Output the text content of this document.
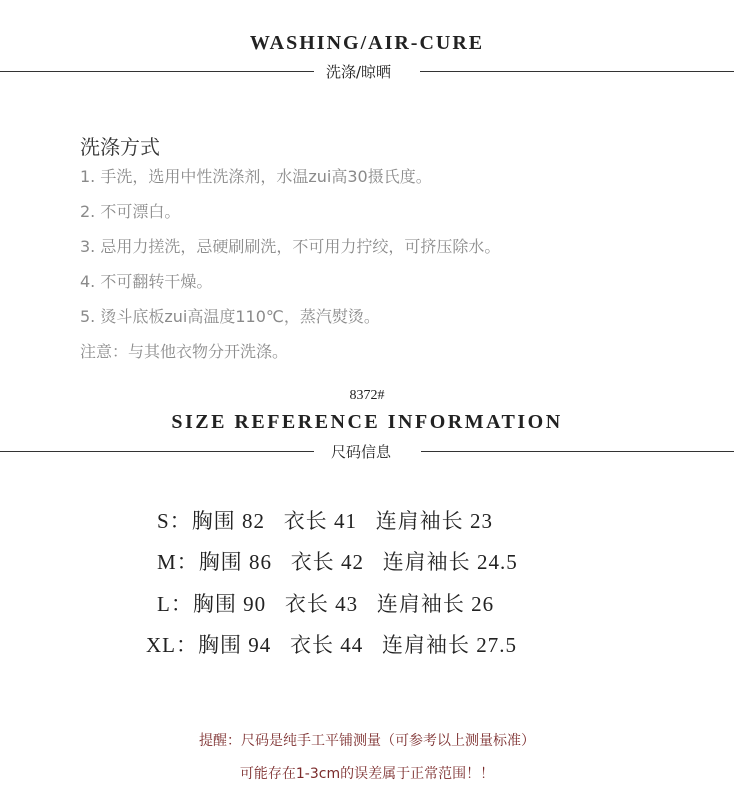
WASHING/AIR-CURE
洗涤/晾晒
洗涤方式
1. 手洗，选用中性洗涤剂，水温zui高30摄氏度。
2. 不可漂白。
3. 忌用力搓洗，忌硬刷刷洗，不可用力拧绞，可挤压除水。
4. 不可翻转干燥。
5. 烫斗底板zui高温度110℃，蒸汽熨烫。
注意：与其他衣物分开洗涤。
8372#
SIZE REFERENCE INFORMATION
尺码信息
S：胸围 82 衣长 41 连肩袖长 23
M：胸围 86 衣长 42 连肩袖长 24.5
L：胸围 90 衣长 43 连肩袖长 26
XL：胸围 94 衣长 44 连肩袖长 27.5
提醒：尺码是纯手工平铺测量（可参考以上测量标准）
可能存在1-3cm的误差属于正常范围！！
